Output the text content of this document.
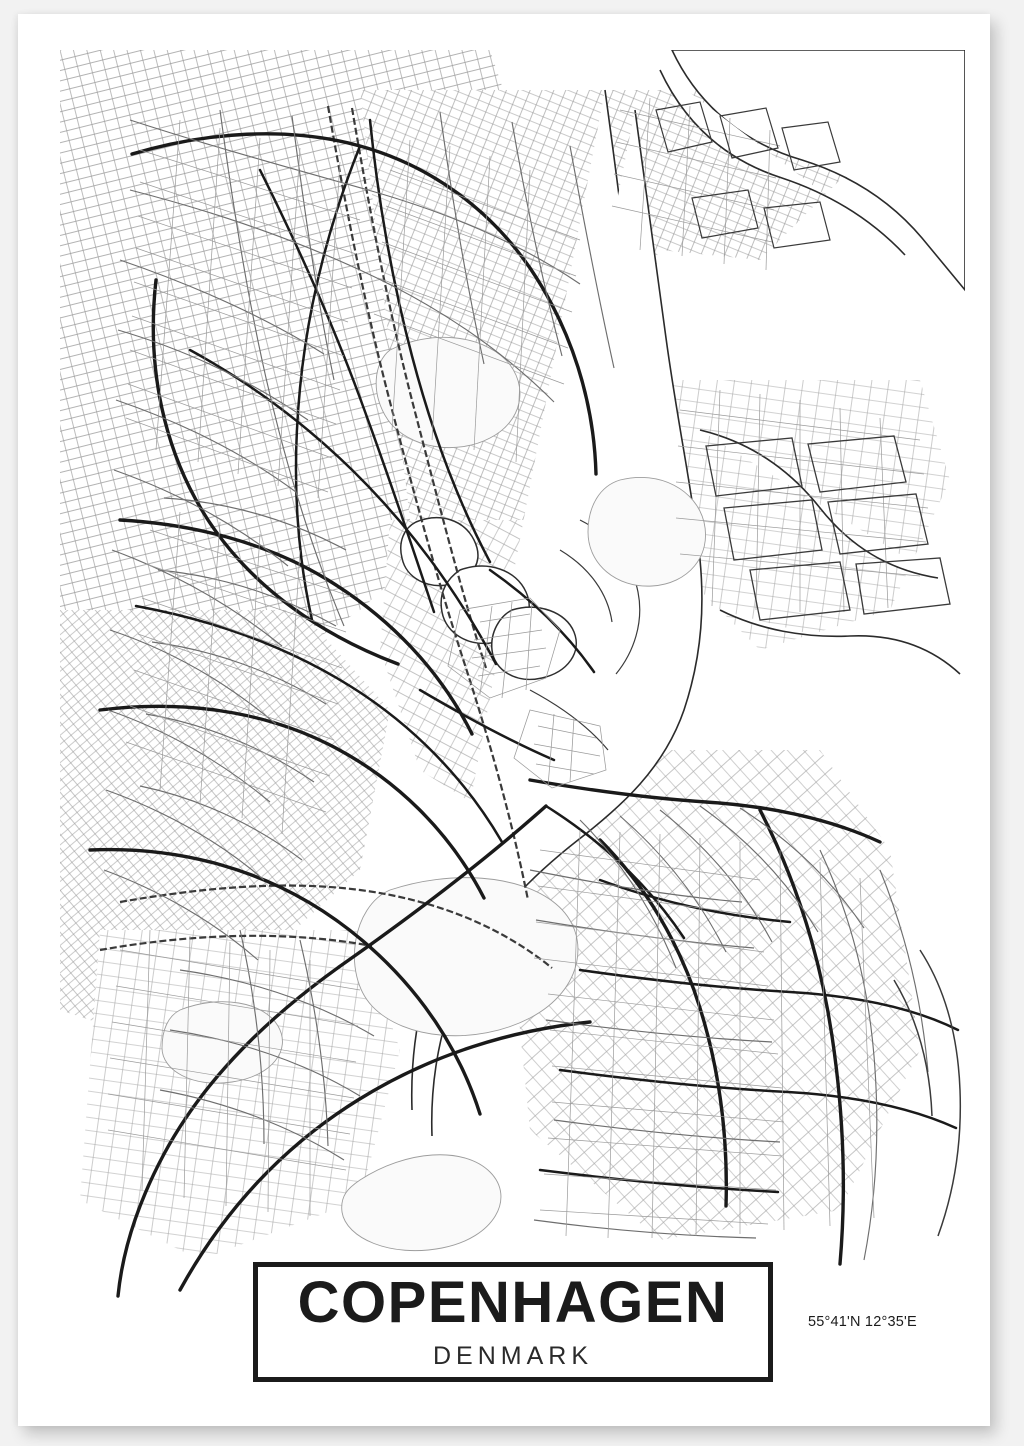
COPENHAGEN
DENMARK
55°41'N 12°35'E
